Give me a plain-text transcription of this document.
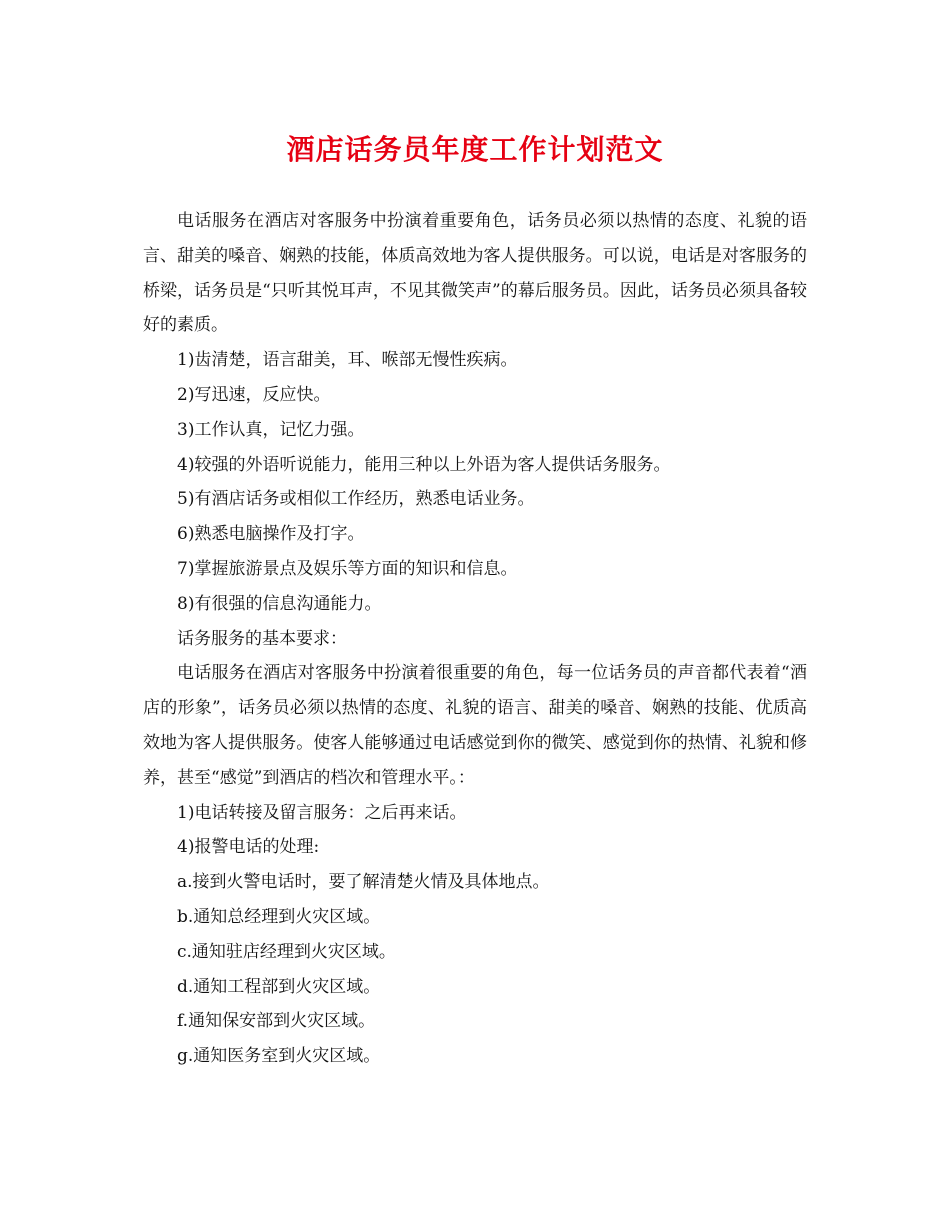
酒店话务员年度工作计划范文

电话服务在酒店对客服务中扮演着重要角色，话务员必须以热情的态度、礼貌的语言、甜美的嗓音、娴熟的技能，体质高效地为客人提供服务。可以说，电话是对客服务的桥梁，话务员是“只听其悦耳声，不见其微笑声”的幕后服务员。因此，话务员必须具备较好的素质。

1)齿清楚，语言甜美，耳、喉部无慢性疾病。

2)写迅速，反应快。

3)工作认真，记忆力强。

4)较强的外语听说能力，能用三种以上外语为客人提供话务服务。

5)有酒店话务或相似工作经历，熟悉电话业务。

6)熟悉电脑操作及打字。

7)掌握旅游景点及娱乐等方面的知识和信息。

8)有很强的信息沟通能力。

话务服务的基本要求：

电话服务在酒店对客服务中扮演着很重要的角色，每一位话务员的声音都代表着“酒店的形象”，话务员必须以热情的态度、礼貌的语言、甜美的嗓音、娴熟的技能、优质高效地为客人提供服务。使客人能够通过电话感觉到你的微笑、感觉到你的热情、礼貌和修养，甚至“感觉”到酒店的档次和管理水平。：

1)电话转接及留言服务：之后再来话。

4)报警电话的处理:

a.接到火警电话时，要了解清楚火情及具体地点。

b.通知总经理到火灾区域。

c.通知驻店经理到火灾区域。

d.通知工程部到火灾区域。

f.通知保安部到火灾区域。

g.通知医务室到火灾区域。
